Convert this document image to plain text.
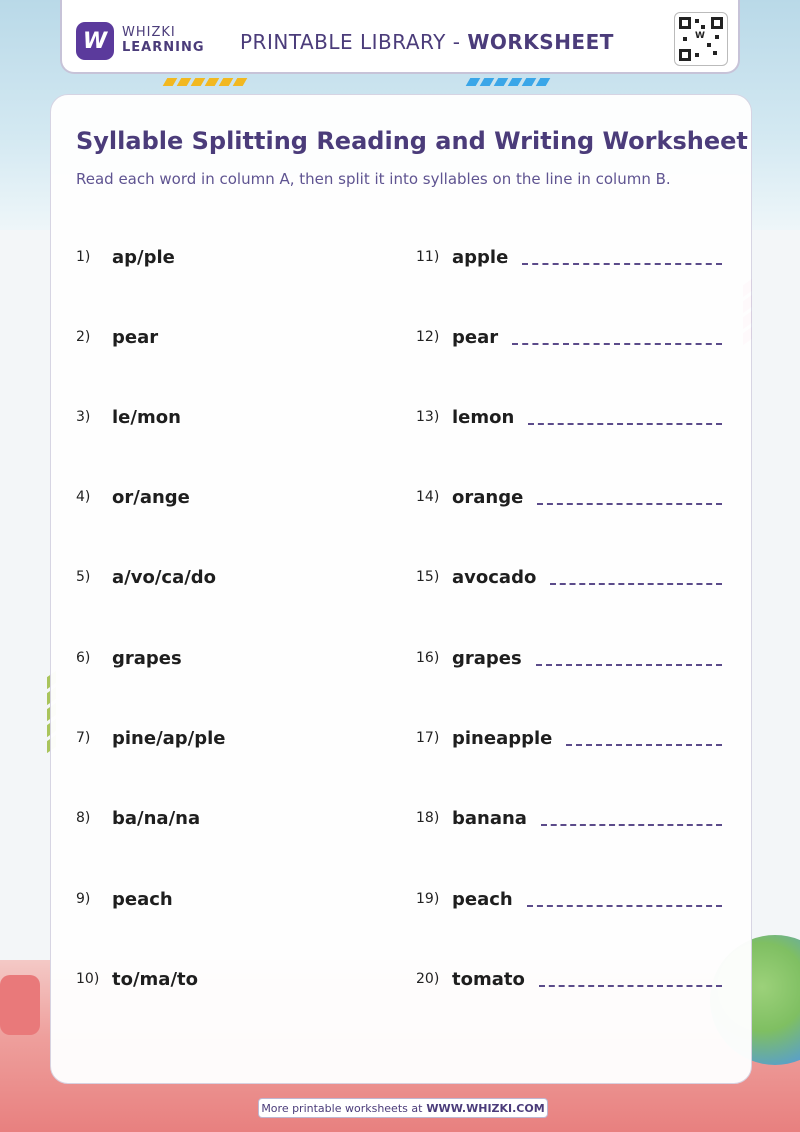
W WHIZKI
LEARNING PRINTABLE LIBRARY - WORKSHEET	W
Syllable Splitting Reading and Writing Worksheet

Read each word in column A, then split it into syllables on the line in column B.

1)	ap/ple
2)	pear
3)	le/mon
4)	or/ange
5)	a/vo/ca/do
6)	grapes
7)	pine/ap/ple
8)	ba/na/na
9)	peach
10) to/ma/to
11) apple
12) pear
13) lemon
14) orange
15) avocado
16) grapes
17) pineapple
18) banana
19) peach
20) tomato
More printable worksheets at WWW.WHIZKI.COM
